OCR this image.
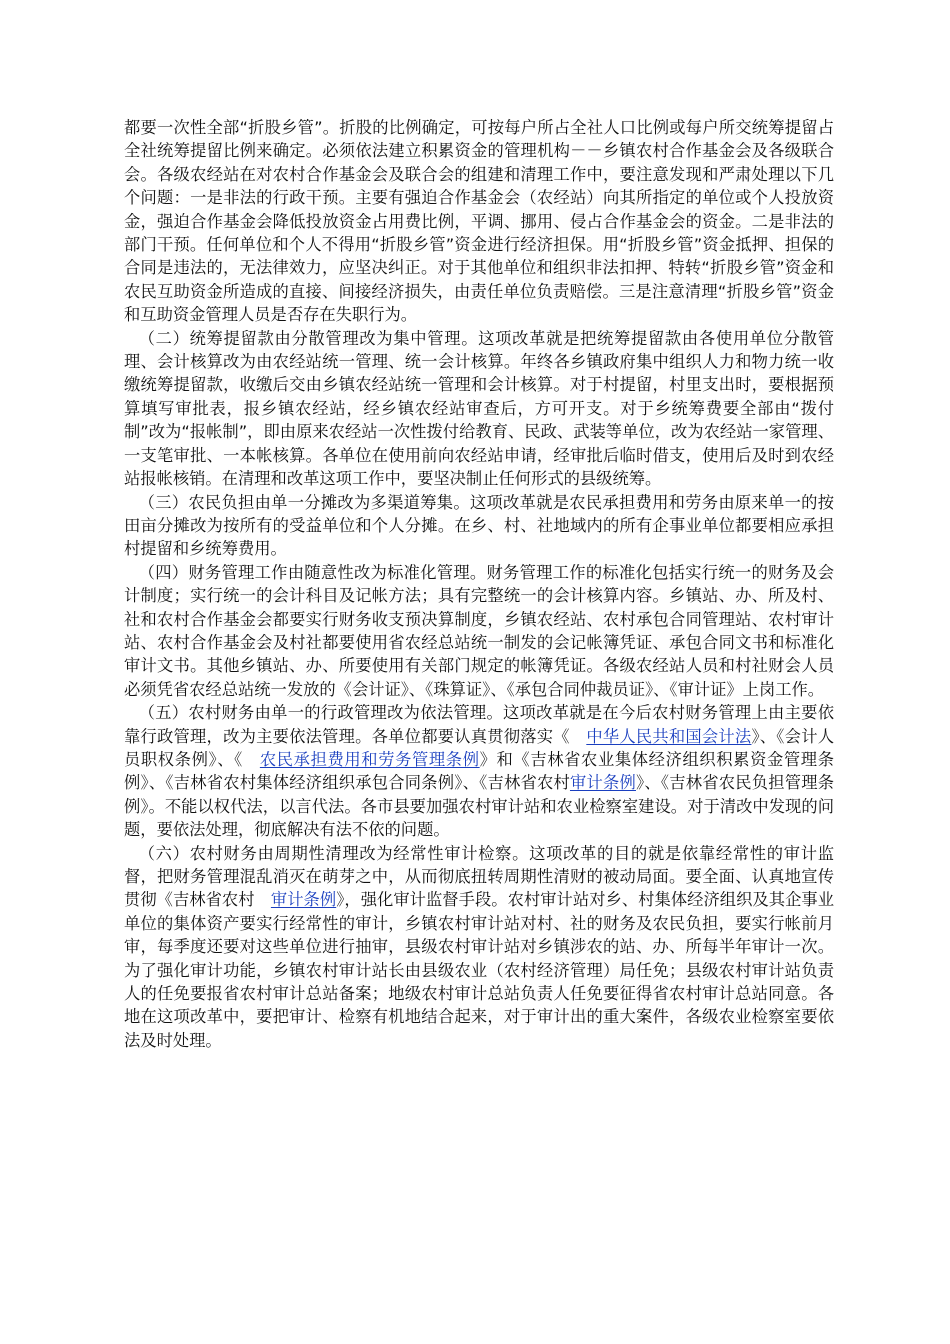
都要一次性全部“折股乡管”。折股的比例确定，可按每户所占全社人口比例或每户所交统筹提留占全社统筹提留比例来确定。必须依法建立积累资金的管理机构－－乡镇农村合作基金会及各级联合会。各级农经站在对农村合作基金会及联合会的组建和清理工作中，要注意发现和严肃处理以下几个问题：一是非法的行政干预。主要有强迫合作基金会（农经站）向其所指定的单位或个人投放资金，强迫合作基金会降低投放资金占用费比例，平调、挪用、侵占合作基金会的资金。二是非法的部门干预。任何单位和个人不得用“折股乡管”资金进行经济担保。用“折股乡管”资金抵押、担保的合同是违法的，无法律效力，应坚决纠正。对于其他单位和组织非法扣押、特转“折股乡管”资金和农民互助资金所造成的直接、间接经济损失，由责任单位负责赔偿。三是注意清理“折股乡管”资金和互助资金管理人员是否存在失职行为。

（二）统筹提留款由分散管理改为集中管理。这项改革就是把统筹提留款由各使用单位分散管理、会计核算改为由农经站统一管理、统一会计核算。年终各乡镇政府集中组织人力和物力统一收缴统筹提留款，收缴后交由乡镇农经站统一管理和会计核算。对于村提留，村里支出时，要根据预算填写审批表，报乡镇农经站，经乡镇农经站审查后，方可开支。对于乡统筹费要全部由“拨付制”改为“报帐制”，即由原来农经站一次性拨付给教育、民政、武装等单位，改为农经站一家管理、一支笔审批、一本帐核算。各单位在使用前向农经站申请，经审批后临时借支，使用后及时到农经站报帐核销。在清理和改革这项工作中，要坚决制止任何形式的县级统筹。

（三）农民负担由单一分摊改为多渠道筹集。这项改革就是农民承担费用和劳务由原来单一的按田亩分摊改为按所有的受益单位和个人分摊。在乡、村、社地域内的所有企事业单位都要相应承担村提留和乡统筹费用。

（四）财务管理工作由随意性改为标准化管理。财务管理工作的标准化包括实行统一的财务及会计制度；实行统一的会计科目及记帐方法；具有完整统一的会计核算内容。乡镇站、办、所及村、社和农村合作基金会都要实行财务收支预决算制度，乡镇农经站、农村承包合同管理站、农村审计站、农村合作基金会及村社都要使用省农经总站统一制发的会记帐簿凭证、承包合同文书和标准化审计文书。其他乡镇站、办、所要使用有关部门规定的帐簿凭证。各级农经站人员和村社财会人员必须凭省农经总站统一发放的《会计证》、《珠算证》、《承包合同仲裁员证》、《审计证》上岗工作。

（五）农村财务由单一的行政管理改为依法管理。这项改革就是在今后农村财务管理上由主要依靠行政管理，改为主要依法管理。各单位都要认真贯彻落实《　中华人民共和国会计法》、《会计人员职权条例》、《　农民承担费用和劳务管理条例》和《吉林省农业集体经济组织积累资金管理条例》、《吉林省农村集体经济组织承包合同条例》、《吉林省农村审计条例》、《吉林省农民负担管理条例》。不能以权代法，以言代法。各市县要加强农村审计站和农业检察室建设。对于清改中发现的问题，要依法处理，彻底解决有法不依的问题。

（六）农村财务由周期性清理改为经常性审计检察。这项改革的目的就是依靠经常性的审计监督，把财务管理混乱消灭在萌芽之中，从而彻底扭转周期性清财的被动局面。要全面、认真地宣传贯彻《吉林省农村　审计条例》，强化审计监督手段。农村审计站对乡、村集体经济组织及其企事业单位的集体资产要实行经常性的审计，乡镇农村审计站对村、社的财务及农民负担，要实行帐前月审，每季度还要对这些单位进行抽审，县级农村审计站对乡镇涉农的站、办、所每半年审计一次。为了强化审计功能，乡镇农村审计站长由县级农业（农村经济管理）局任免；县级农村审计站负责人的任免要报省农村审计总站备案；地级农村审计总站负责人任免要征得省农村审计总站同意。各地在这项改革中，要把审计、检察有机地结合起来，对于审计出的重大案件，各级农业检察室要依法及时处理。
